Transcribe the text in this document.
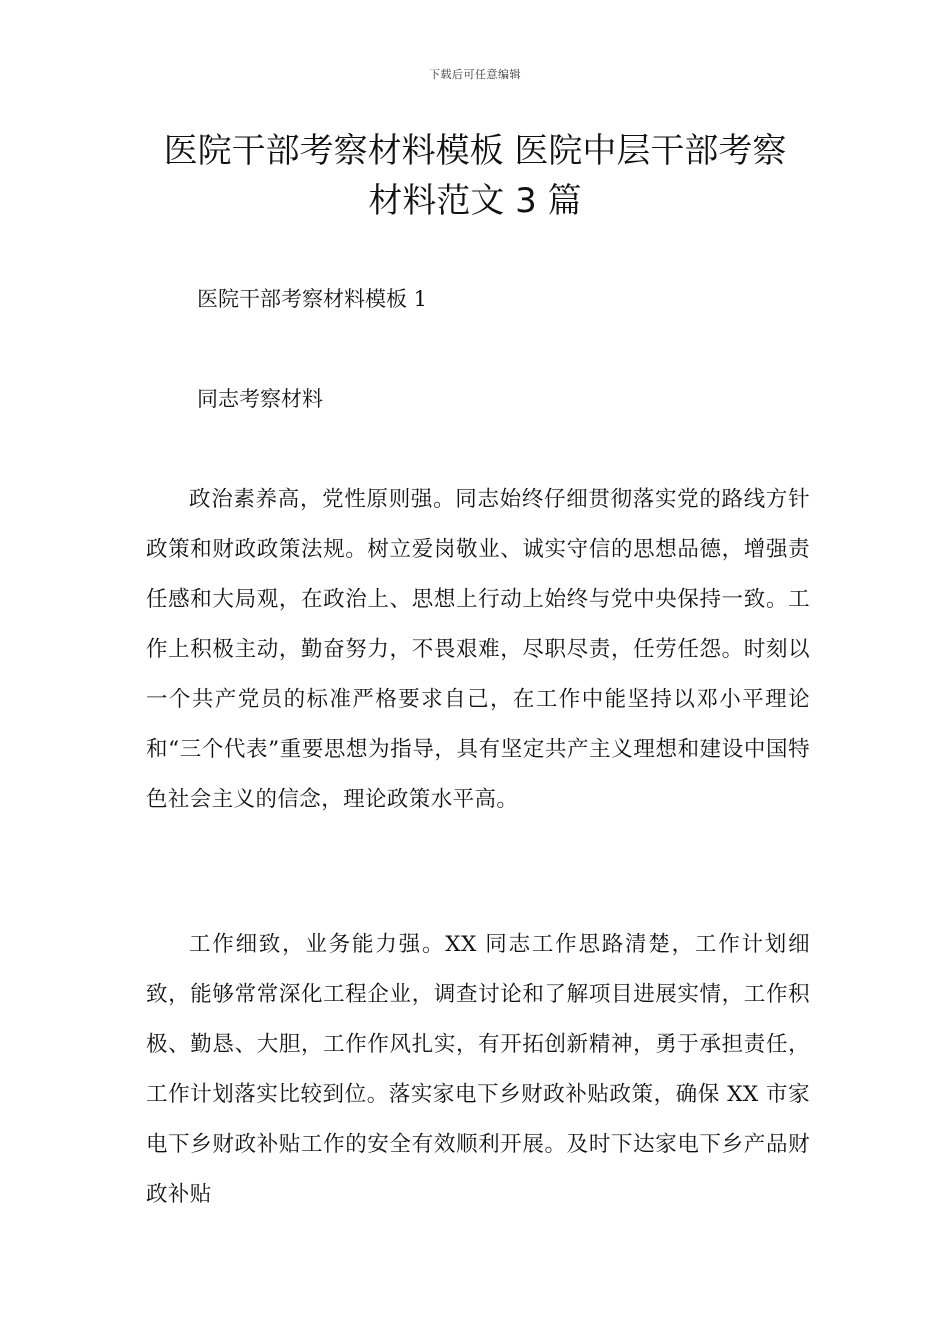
下载后可任意编辑
医院干部考察材料模板 医院中层干部考察
材料范文 3 篇

医院干部考察材料模板 1

同志考察材料

政治素养高，党性原则强。同志始终仔细贯彻落实党的路线方针政策和财政政策法规。树立爱岗敬业、诚实守信的思想品德，增强责任感和大局观，在政治上、思想上行动上始终与党中央保持一致。工作上积极主动，勤奋努力，不畏艰难，尽职尽责，任劳任怨。时刻以一个共产党员的标准严格要求自己，在工作中能坚持以邓小平理论和“三个代表”重要思想为指导，具有坚定共产主义理想和建设中国特色社会主义的信念，理论政策水平高。

工作细致，业务能力强。XX 同志工作思路清楚，工作计划细致，能够常常深化工程企业，调查讨论和了解项目进展实情，工作积极、勤恳、大胆，工作作风扎实，有开拓创新精神，勇于承担责任，工作计划落实比较到位。落实家电下乡财政补贴政策，确保 XX 市家电下乡财政补贴工作的安全有效顺利开展。及时下达家电下乡产品财政补贴
